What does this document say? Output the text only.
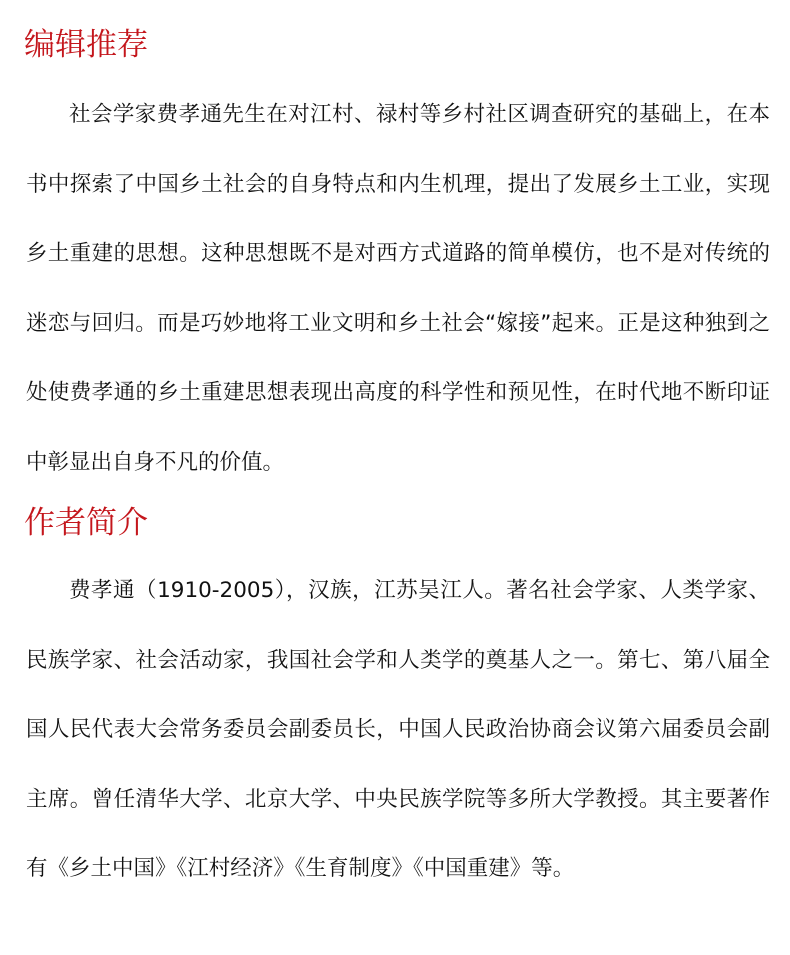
编辑推荐

社会学家费孝通先生在对江村、禄村等乡村社区调查研究的基础上，在本书中探索了中国乡土社会的自身特点和内生机理，提出了发展乡土工业，实现乡土重建的思想。这种思想既不是对西方式道路的简单模仿，也不是对传统的迷恋与回归。而是巧妙地将工业文明和乡土社会“嫁接”起来。正是这种独到之处使费孝通的乡土重建思想表现出高度的科学性和预见性，在时代地不断印证中彰显出自身不凡的价值。

作者简介

费孝通（1910-2005），汉族，江苏吴江人。著名社会学家、人类学家、民族学家、社会活动家，我国社会学和人类学的奠基人之一。第七、第八届全国人民代表大会常务委员会副委员长，中国人民政治协商会议第六届委员会副主席。曾任清华大学、北京大学、中央民族学院等多所大学教授。其主要著作有《乡土中国》《江村经济》《生育制度》《中国重建》等。
